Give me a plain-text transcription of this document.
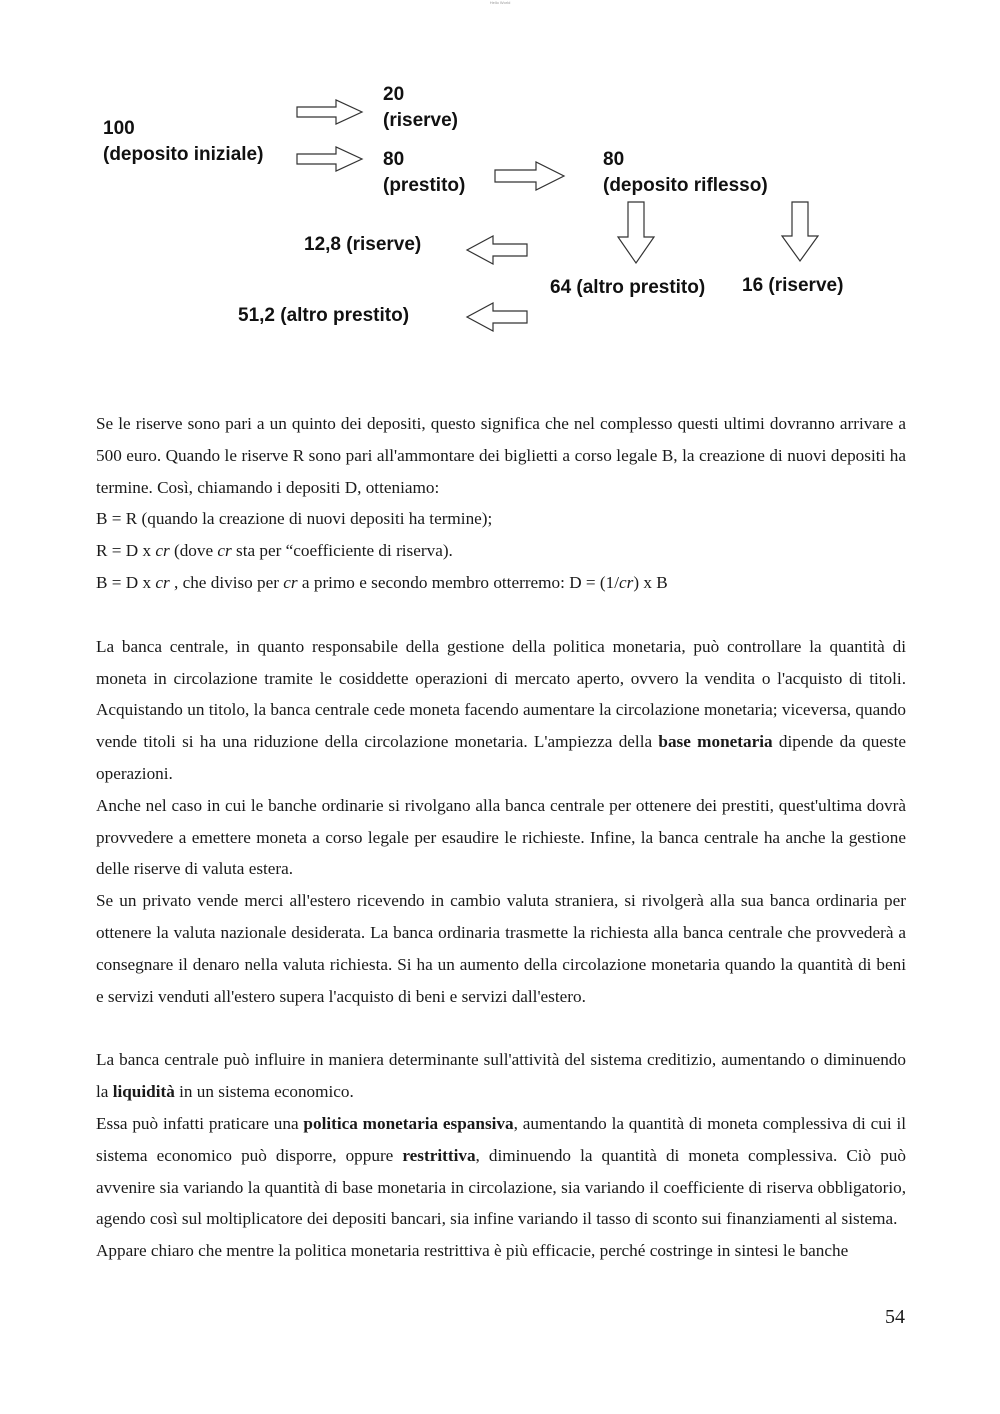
Hello World
100
(deposito iniziale)
20
(riserve)
80
(prestito)
80
(deposito riflesso)
12,8 (riserve)
51,2 (altro prestito)
64 (altro prestito) 16 (riserve)

Se le riserve sono pari a un quinto dei depositi, questo significa che nel complesso questi ultimi dovranno arrivare a 500 euro. Quando le riserve R sono pari all'ammontare dei biglietti a corso legale B, la creazione di nuovi depositi ha termine. Così, chiamando i depositi D, otteniamo:

B = R (quando la creazione di nuovi depositi ha termine);

R = D x cr (dove cr sta per “coefficiente di riserva).

B = D x cr , che diviso per cr a primo e secondo membro otterremo: D = (1/cr) x B

La banca centrale, in quanto responsabile della gestione della politica monetaria, può controllare la quantità di moneta in circolazione tramite le cosiddette operazioni di mercato aperto, ovvero la vendita o l'acquisto di titoli. Acquistando un titolo, la banca centrale cede moneta facendo aumentare la circolazione monetaria; viceversa, quando vende titoli si ha una riduzione della circolazione monetaria. L'ampiezza della base monetaria dipende da queste operazioni.

Anche nel caso in cui le banche ordinarie si rivolgano alla banca centrale per ottenere dei prestiti, quest'ultima dovrà provvedere a emettere moneta a corso legale per esaudire le richieste. Infine, la banca centrale ha anche la gestione delle riserve di valuta estera.

Se un privato vende merci all'estero ricevendo in cambio valuta straniera, si rivolgerà alla sua banca ordinaria per ottenere la valuta nazionale desiderata. La banca ordinaria trasmette la richiesta alla banca centrale che provvederà a consegnare il denaro nella valuta richiesta. Si ha un aumento della circolazione monetaria quando la quantità di beni e servizi venduti all'estero supera l'acquisto di beni e servizi dall'estero.

La banca centrale può influire in maniera determinante sull'attività del sistema creditizio, aumentando o diminuendo la liquidità in un sistema economico.

Essa può infatti praticare una politica monetaria espansiva, aumentando la quantità di moneta complessiva di cui il sistema economico può disporre, oppure restrittiva, diminuendo la quantità di moneta complessiva. Ciò può avvenire sia variando la quantità di base monetaria in circolazione, sia variando il coefficiente di riserva obbligatorio, agendo così sul moltiplicatore dei depositi bancari, sia infine variando il tasso di sconto sui finanziamenti al sistema.

Appare chiaro che mentre la politica monetaria restrittiva è più efficacie, perché costringe in sintesi le banche

54
